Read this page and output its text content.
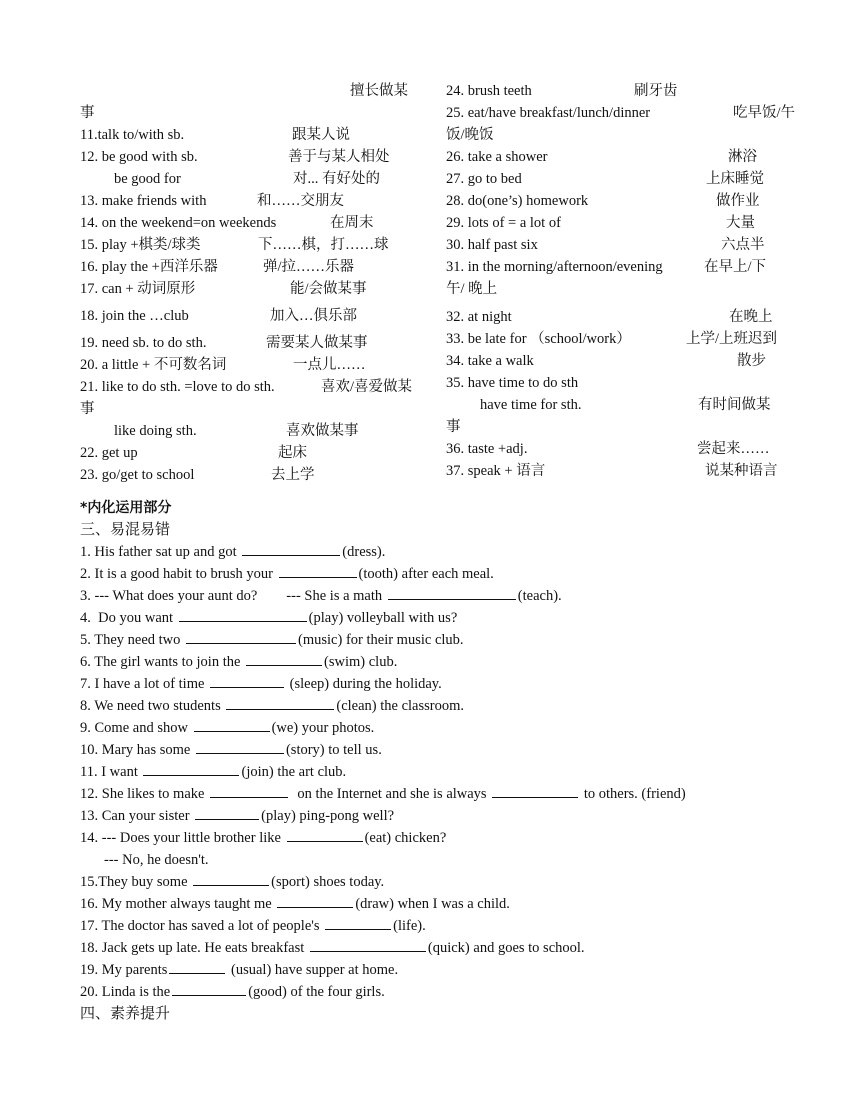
擅长做某
事
11.talk to/with sb.	跟某人说
12. be good with sb.	善于与某人相处
be good for	对... 有好处的
13. make friends with	和……交朋友
14. on the weekend=on weekends	在周末
15. play +棋类/球类	下……棋，打……球
16. play the +西洋乐器	弹/拉……乐器
17. can + 动词原形	能/会做某事
18. join the …club	加入…俱乐部
19. need sb. to do sth.	需要某人做某事
20. a little + 不可数名词	一点儿……
21. like to do sth. =love to do sth.	喜欢/喜爱做某
事
like doing sth.	喜欢做某事
22. get up	起床
23. go/get to school	去上学
24. brush teeth	刷牙齿
25. eat/have breakfast/lunch/dinner	吃早饭/午
饭/晚饭
26. take a shower	淋浴
27. go to bed	上床睡觉
28. do(one’s) homework	做作业
29. lots of = a lot of	大量
30. half past six	六点半
31. in the morning/afternoon/evening	在早上/下
午/ 晚上
32. at night	在晚上
33. be late for （school/work）	上学/上班迟到
34. take a walk	散步
35. have time to do sth
have time for sth.	有时间做某
事
36. taste +adj.	尝起来……
37. speak + 语言	说某种语言
*内化运用部分
三、易混易错
1. His father sat up and got	(dress).
2. It is a good habit to brush your	(tooth) after each meal.
3. --- What does your aunt do?        --- She is a math	(teach).
4.  Do you want	(play) volleyball with us?
5. They need two	(music) for their music club.
6. The girl wants to join the	(swim) club.
7. I have a lot of time	(sleep) during the holiday.
8. We need two students	(clean) the classroom.
9. Come and show	(we) your photos.
10. Mary has some	(story) to tell us.
11. I want	(join) the art club.
12. She likes to make	on the Internet and she is always	to others. (friend)
13. Can your sister	(play) ping-pong well?
14. --- Does your little brother like	(eat) chicken?
--- No, he doesn't.
15.They buy some	(sport) shoes today.
16. My mother always taught me	(draw) when I was a child.
17. The doctor has saved a lot of people's	(life).
18. Jack gets up late. He eats breakfast	(quick) and goes to school.
19. My parents	(usual) have supper at home.
20. Linda is the	(good) of the four girls.
四、素养提升
